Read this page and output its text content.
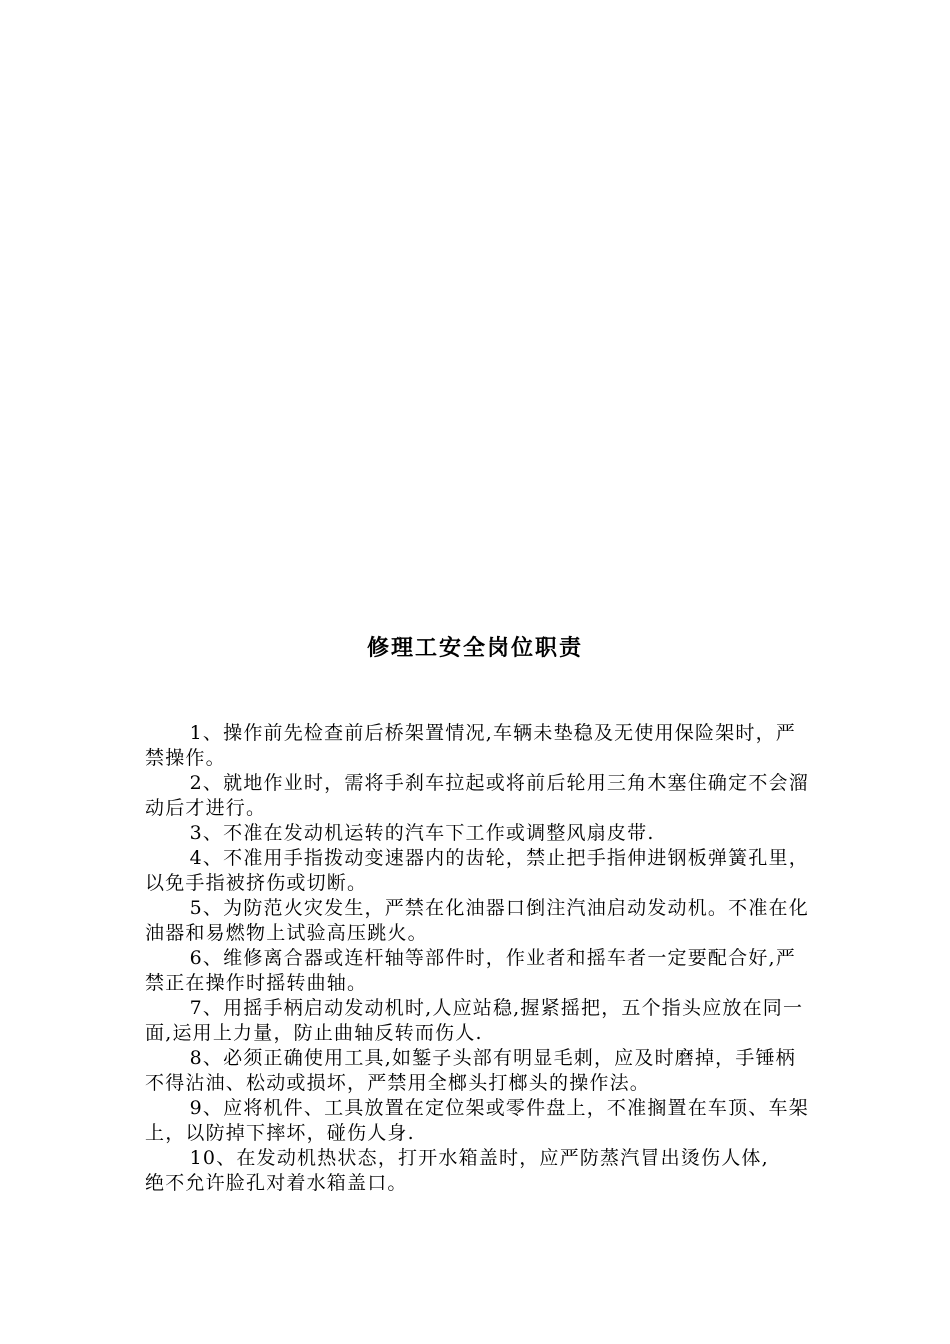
修理工安全岗位职责

1、操作前先检查前后桥架置情况,车辆未垫稳及无使用保险架时，严禁操作。

2、就地作业时，需将手刹车拉起或将前后轮用三角木塞住确定不会溜动后才进行。

3、不准在发动机运转的汽车下工作或调整风扇皮带.

4、不准用手指拨动变速器内的齿轮，禁止把手指伸进钢板弹簧孔里，以免手指被挤伤或切断。

5、为防范火灾发生，严禁在化油器口倒注汽油启动发动机。不准在化油器和易燃物上试验高压跳火。

6、维修离合器或连杆轴等部件时，作业者和摇车者一定要配合好,严禁正在操作时摇转曲轴。

7、用摇手柄启动发动机时,人应站稳,握紧摇把，五个指头应放在同一面,运用上力量，防止曲轴反转而伤人.

8、必须正确使用工具,如錾子头部有明显毛刺，应及时磨掉，手锤柄不得沾油、松动或损坏，严禁用全榔头打榔头的操作法。

9、应将机件、工具放置在定位架或零件盘上，不准搁置在车顶、车架上，以防掉下摔坏，碰伤人身.

10、在发动机热状态，打开水箱盖时，应严防蒸汽冒出烫伤人体,

绝不允许脸孔对着水箱盖口。
